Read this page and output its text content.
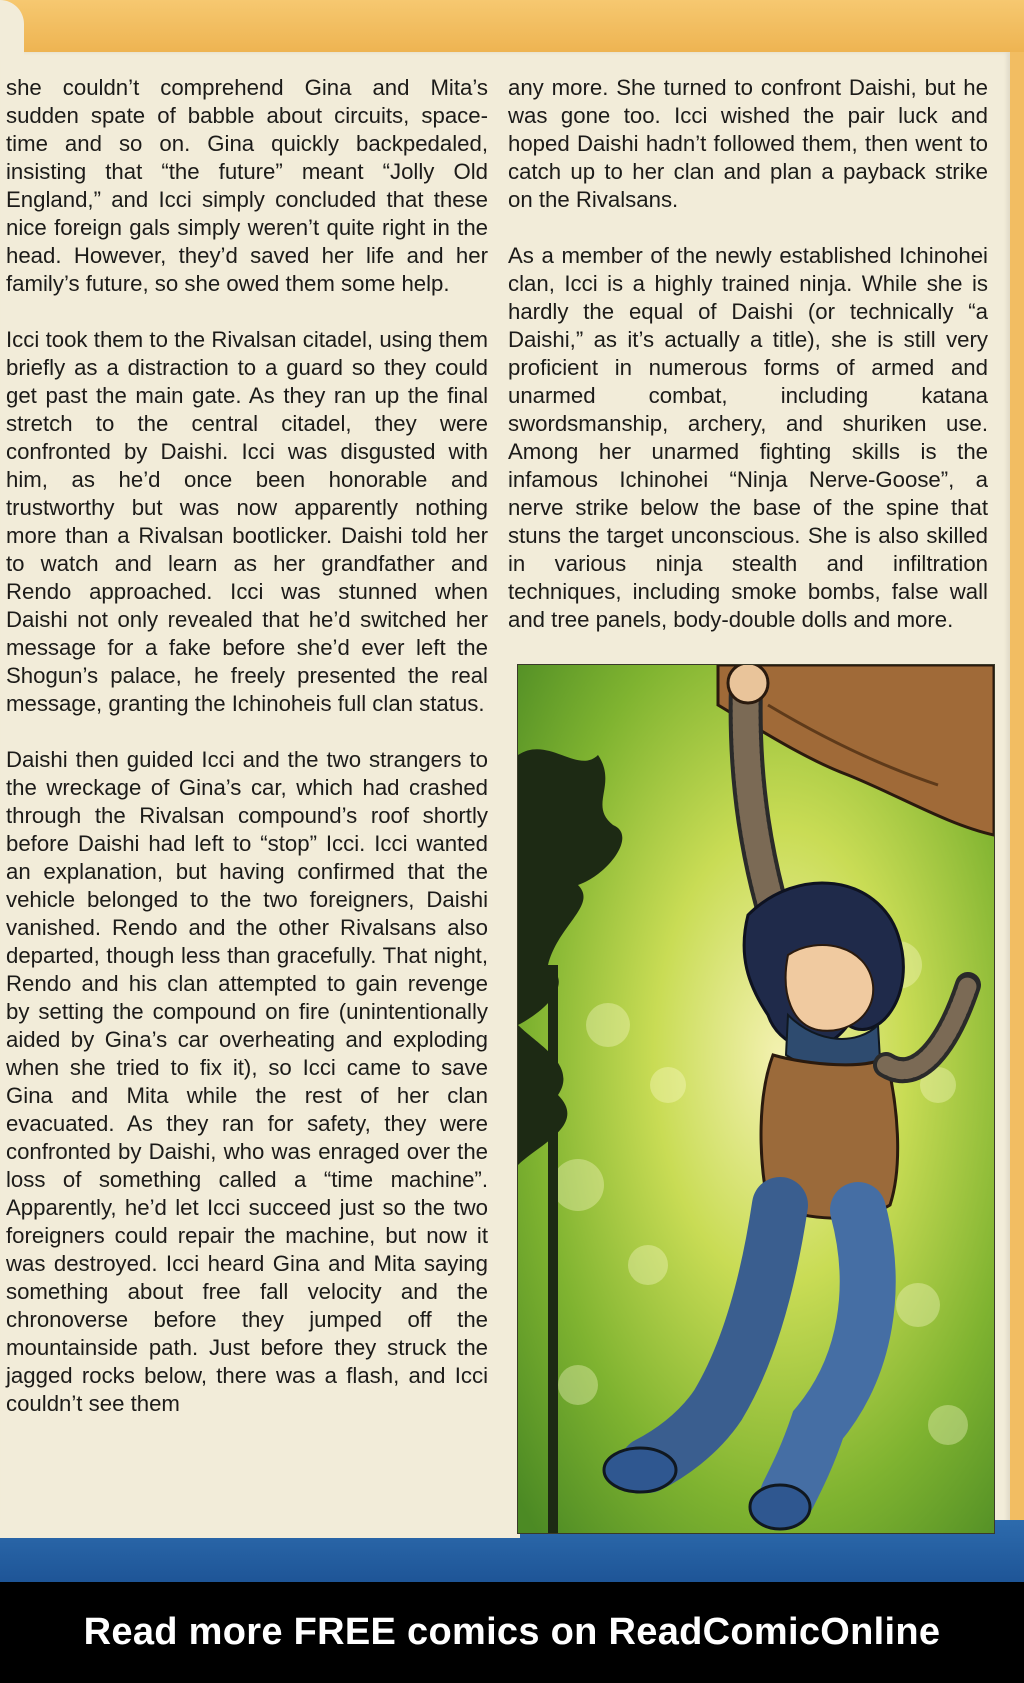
she couldn’t comprehend Gina and Mita’s sudden spate of babble about circuits, space-time and so on. Gina quickly backpedaled, insisting that “the future” meant “Jolly Old England,” and Icci simply concluded that these nice foreign gals simply weren’t quite right in the head. However, they’d saved her life and her family’s future, so she owed them some help.

Icci took them to the Rivalsan citadel, using them briefly as a distraction to a guard so they could get past the main gate. As they ran up the final stretch to the central citadel, they were confronted by Daishi. Icci was disgusted with him, as he’d once been honorable and trustworthy but was now apparently nothing more than a Rivalsan bootlicker. Daishi told her to watch and learn as her grandfather and Rendo approached. Icci was stunned when Daishi not only revealed that he’d switched her message for a fake before she’d ever left the Shogun’s palace, he freely presented the real message, granting the Ichinoheis full clan status.

Daishi then guided Icci and the two strangers to the wreckage of Gina’s car, which had crashed through the Rivalsan compound’s roof shortly before Daishi had left to “stop” Icci. Icci wanted an explanation, but having confirmed that the vehicle belonged to the two foreigners, Daishi vanished. Rendo and the other Rivalsans also departed, though less than gracefully. That night, Rendo and his clan attempted to gain revenge by setting the compound on fire (unintentionally aided by Gina’s car overheating and exploding when she tried to fix it), so Icci came to save Gina and Mita while the rest of her clan evacuated. As they ran for safety, they were confronted by Daishi, who was enraged over the loss of something called a “time machine”. Apparently, he’d let Icci succeed just so the two foreigners could repair the machine, but now it was destroyed. Icci heard Gina and Mita saying something about free fall velocity and the chronoverse before they jumped off the mountainside path. Just before they struck the jagged rocks below, there was a flash, and Icci couldn’t see them

any more. She turned to confront Daishi, but he was gone too. Icci wished the pair luck and hoped Daishi hadn’t followed them, then went to catch up to her clan and plan a payback strike on the Rivalsans.

As a member of the newly established Ichinohei clan, Icci is a highly trained ninja. While she is hardly the equal of Daishi (or technically “a Daishi,” as it’s actually a title), she is still very proficient in numerous forms of armed and unarmed combat, including katana swordsmanship, archery, and shuriken use. Among her unarmed fighting skills is the infamous Ichinohei “Ninja Nerve-Goose”, a nerve strike below the base of the spine that stuns the target unconscious. She is also skilled in various ninja stealth and infiltration techniques, including smoke bombs, false wall and tree panels, body-double dolls and more.

Read more FREE comics on ReadComicOnline
